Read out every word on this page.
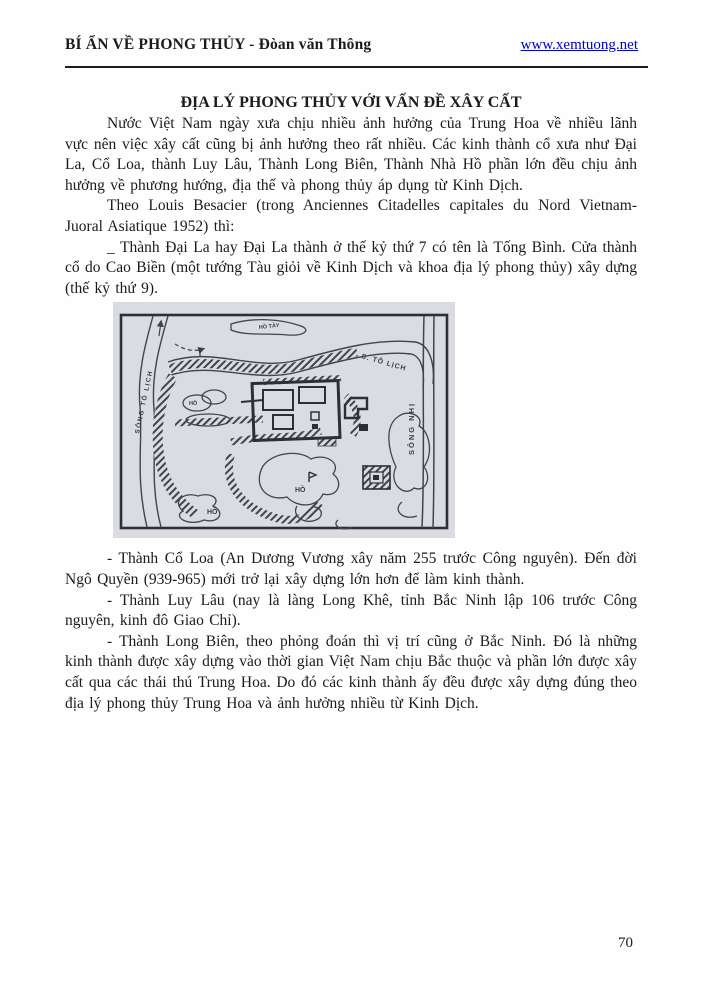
BÍ ẨN VỀ PHONG THỦY - Đòan văn Thông	www.xemtuong.net
ĐỊA LÝ PHONG THỦY VỚI VẤN ĐỀ XÂY CẤT

Nước Việt Nam ngày xưa chịu nhiều ảnh hưởng của Trung Hoa về nhiều lãnh vực nên việc xây cất cũng bị ảnh hưởng theo rất nhiều. Các kinh thành cổ xưa như Đại La, Cổ Loa, thành Luy Lâu, Thành Long Biên, Thành Nhà Hồ phần lớn đều chịu ảnh hưởng về phương hướng, địa thế và phong thủy áp dụng từ Kinh Dịch.

Theo Louis Besacier (trong Anciennes Citadelles capitales du Nord Vietnam- Juoral Asiatique 1952) thì:

_ Thành Đại La hay Đại La thành ở thế kỷ thứ 7 có tên là Tống Bình. Cửa thành cổ do Cao Biền (một tướng Tàu giỏi về Kinh Dịch và khoa địa lý phong thủy) xây dựng (thế kỷ thứ 9).

SÔNG TÔ LỊCH
S. TÔ LỊCH
HỒ TÂY
HỒ
HỒ
HỒ
SÔNG NHỊ

- Thành Cổ Loa (An Dương Vương xây năm 255 trước Công nguyên). Đến đời Ngô Quyền (939-965) mới trở lại xây dựng lớn hơn để làm kinh thành.

- Thành Luy Lâu (nay là làng Long Khê, tỉnh Bắc Ninh lập 106 trước Công nguyên, kinh đô Giao Chỉ).

- Thành Long Biên, theo phỏng đoán thì vị trí cũng ở Bắc Ninh. Đó là những kinh thành được xây dựng vào thời gian Việt Nam chịu Bắc thuộc và phần lớn được xây cất qua các thái thú Trung Hoa. Do đó các kinh thành ấy đều được xây dựng đúng theo địa lý phong thủy Trung Hoa và ảnh hưởng nhiều từ Kinh Dịch.

70
